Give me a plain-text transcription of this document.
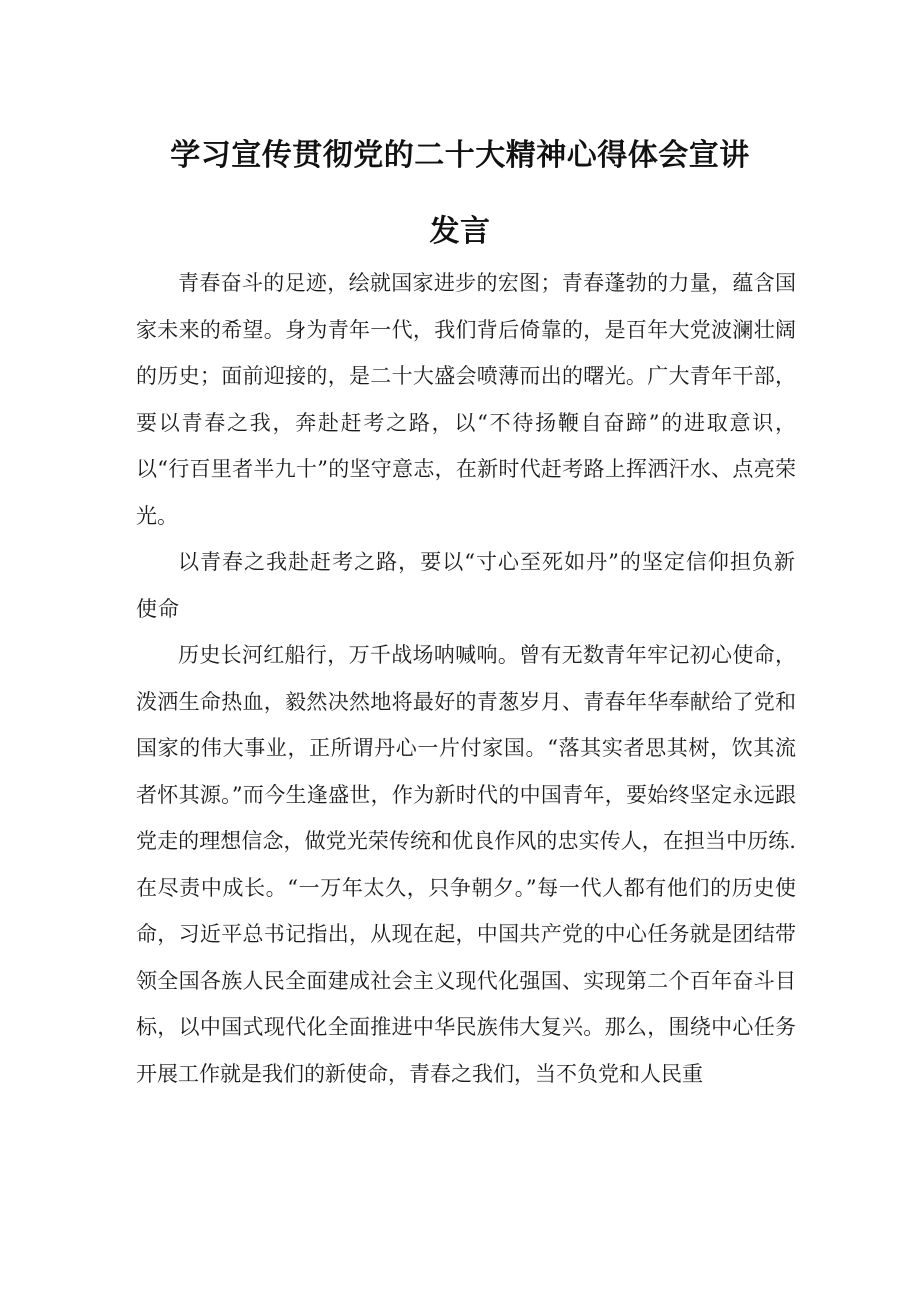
学习宣传贯彻党的二十大精神心得体会宣讲
发言

青春奋斗的足迹，绘就国家进步的宏图；青春蓬勃的力量，蕴含国家未来的希望。身为青年一代，我们背后倚靠的，是百年大党波澜壮阔的历史；面前迎接的，是二十大盛会喷薄而出的曙光。广大青年干部，要以青春之我，奔赴赶考之路，以“不待扬鞭自奋蹄”的进取意识，以“行百里者半九十”的坚守意志，在新时代赶考路上挥洒汗水、点亮荣光。

以青春之我赴赶考之路，要以“寸心至死如丹”的坚定信仰担负新使命

历史长河红船行，万千战场呐喊响。曾有无数青年牢记初心使命，泼洒生命热血，毅然决然地将最好的青葱岁月、青春年华奉献给了党和国家的伟大事业，正所谓丹心一片付家国。“落其实者思其树，饮其流者怀其源。”而今生逢盛世，作为新时代的中国青年，要始终坚定永远跟党走的理想信念，做党光荣传统和优良作风的忠实传人，在担当中历练.在尽责中成长。“一万年太久，只争朝夕。”每一代人都有他们的历史使命，习近平总书记指出，从现在起，中国共产党的中心任务就是团结带领全国各族人民全面建成社会主义现代化强国、实现第二个百年奋斗目标，以中国式现代化全面推进中华民族伟大复兴。那么，围绕中心任务开展工作就是我们的新使命，青春之我们，当不负党和人民重
